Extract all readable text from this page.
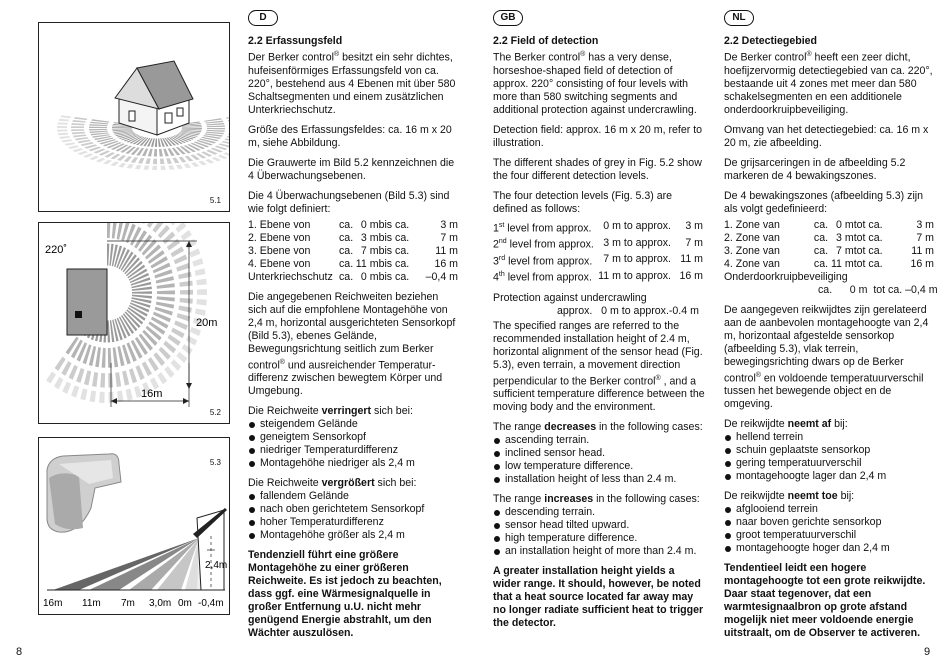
5.1
220˚
20m
16m
5.2
2,4m
16m 11m 7m 3,0m 0m -0,4m
5.3
8	9
D

2.2 Erfassungsfeld
Der Berker control® besitzt ein sehr dichtes, hufeisenförmiges Erfassungsfeld von ca. 220°, bestehend aus 4 Ebenen mit über 580 Schaltsegmenten und einem zusätzlichen Unterkriechschutz.

Größe des Erfassungsfeldes: ca. 16 m x 20 m, siehe Abbildung.

Die Grauwerte im Bild 5.2 kennzeichnen die 4 Überwachungsebenen.

Die 4 Überwachungsebenen (Bild 5.3) sind wie folgt definiert:

1. Ebene von	ca.	0 m	bis ca.	3 m
2. Ebene von	ca.	3 m	bis ca.	7 m
3. Ebene von	ca.	7 m	bis ca.	11 m
4. Ebene von	ca.	11 m	bis ca.	16 m
Unterkriechschutz	ca.	0 m	bis ca.	–0,4 m

Die angegebenen Reichweiten beziehen sich auf die empfohlene Montagehöhe von 2,4 m, horizontal ausgerichteten Sensorkopf (Bild 5.3), ebenes Gelände, Bewegungsrichtung seitlich zum Berker control® und ausreichender Temperatur-differenz zwischen bewegtem Körper und Umgebung.

Die Reichweite verringert sich bei:

steigendem Gelände
geneigtem Sensorkopf
niedriger Temperaturdifferenz
Montagehöhe niedriger als 2,4 m

Die Reichweite vergrößert sich bei:

fallendem Gelände
nach oben gerichtetem Sensorkopf
hoher Temperaturdifferenz
Montagehöhe größer als 2,4 m

Tendenziell führt eine größere Montagehöhe zu einer größeren Reichweite. Es ist jedoch zu beachten, dass ggf. eine Wärmesignalquelle in großer Entfernung u.U. nicht mehr genügend Energie abstrahlt, um den Wächter auszulösen.

GB

2.2 Field of detection
The Berker control® has a very dense, horseshoe-shaped field of detection of approx. 220° consisting of four levels with more than 580 switching segments and additional protection against undercrawling.

Detection field: approx. 16 m x 20 m, refer to illustration.

The different shades of grey in Fig. 5.2 show the four different detection levels.

The four detection levels (Fig. 5.3) are defined as follows:

1st level from approx.	0 m to approx.	3 m
2nd level from approx.	3 m to approx.	7 m
3rd level from approx.	7 m to approx.	11 m
4th level from approx.	11 m to approx.	16 m

Protection against undercrawling

approx.   0 m to approx.-0.4 m

The specified ranges are referred to the recommended installation height of 2.4 m, horizontal alignment of the sensor head (Fig. 5.3), even terrain, a movement direction perpendicular to the Berker control® , and a sufficient temperature difference between the moving body and the environment.

The range decreases in the following cases:

ascending terrain.
inclined sensor head.
low temperature difference.
installation height of less than 2.4 m.

The range increases in the following cases:

descending terrain.
sensor head tilted upward.
high temperature difference.
an installation height of more than 2.4 m.

A greater installation height yields a wider range. It should, however, be noted that a heat source located far away may no longer radiate sufficient heat to trigger the detector.

NL

2.2 Detectiegebied
De Berker control® heeft een zeer dicht, hoefijzervormig detectiegebied van ca. 220°, bestaande uit 4 zones met meer dan 580 schakelsegmenten en een additionele onderdoorkruipbeveiliging.

Omvang van het detectiegebied: ca. 16 m x 20 m, zie afbeelding.

De grijsarceringen in de afbeelding 5.2 markeren de 4 bewakingszones.

De 4 bewakingszones (afbeelding 5.3) zijn als volgt gedefinieerd:

1. Zone van	ca.	0 m	tot ca.	3 m
2. Zone van	ca.	3 m	tot ca.	7 m
3. Zone van	ca.	7 m	tot ca.	11 m
4. Zone van	ca.	11 m	tot ca.	16 m

Onderdoorkruipbeveiliging

ca.      0 m  tot ca. –0,4 m

De aangegeven reikwijdtes zijn gerelateerd aan de aanbevolen montagehoogte van 2,4 m, horizontaal afgestelde sensorkop (afbeelding 5.3), vlak terrein, bewegingsrichting dwars op de Berker control® en voldoende temperatuurverschil tussen het bewegende object en de omgeving.

De reikwijdte neemt af bij:

hellend terrein
schuin geplaatste sensorkop
gering temperatuurverschil
montagehoogte lager dan 2,4 m

De reikwijdte neemt toe bij:

afglooiend terrein
naar boven gerichte sensorkop
groot temperatuurverschil
montagehoogte hoger dan 2,4 m

Tendentieel leidt een hogere montagehoogte tot een grote reikwijdte. Daar staat tegenover, dat een warmtesignaalbron op grote afstand mogelijk niet meer voldoende energie uitstraalt, om de Observer te activeren.
